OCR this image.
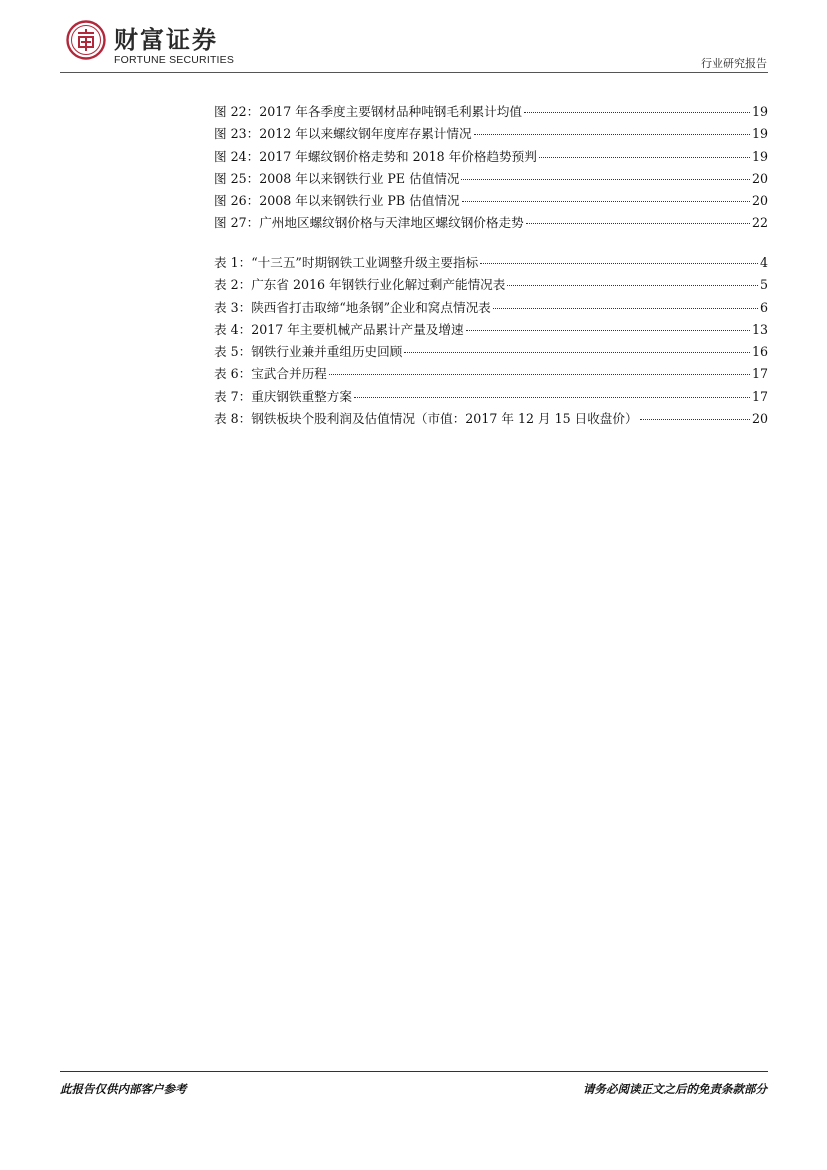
财富证券
FORTUNE SECURITIES	行业研究报告
图 22：2017 年各季度主要钢材品种吨钢毛利累计均值	19
图 23：2012 年以来螺纹钢年度库存累计情况	19
图 24：2017 年螺纹钢价格走势和 2018 年价格趋势预判	19
图 25：2008 年以来钢铁行业 PE 估值情况	20
图 26：2008 年以来钢铁行业 PB 估值情况	20
图 27：广州地区螺纹钢价格与天津地区螺纹钢价格走势	22
表 1：“十三五”时期钢铁工业调整升级主要指标	4
表 2：广东省 2016 年钢铁行业化解过剩产能情况表	5
表 3：陕西省打击取缔“地条钢”企业和窝点情况表	6
表 4：2017 年主要机械产品累计产量及增速	13
表 5：钢铁行业兼并重组历史回顾	16
表 6：宝武合并历程	17
表 7：重庆钢铁重整方案	17
表 8：钢铁板块个股利润及估值情况（市值：2017 年 12 月 15 日收盘价）	20
此报告仅供内部客户参考	请务必阅读正文之后的免责条款部分
